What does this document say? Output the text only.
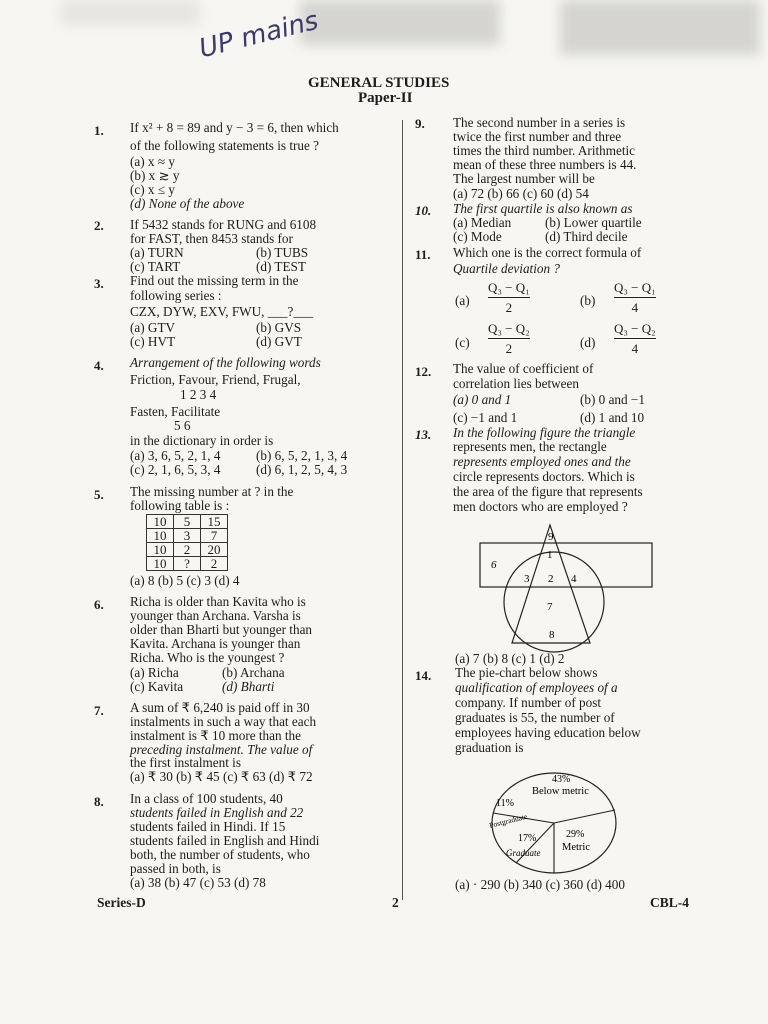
UP mains
GENERAL STUDIES
Paper-II
1. If x² + 8 = 89 and y − 3 = 6, then which
of the following statements is true ?
(a) x ≈ y
(b) x ≳ y
(c) x ≤ y
(d) None of the above
2. If 5432 stands for RUNG and 6108
for FAST, then 8453 stands for
(a) TURN	(b) TUBS
(c) TART	(d) TEST
3. Find out the missing term in the
following series :
CZX, DYW, EXV, FWU, ___?___
(a) GTV	(b) GVS
(c) HVT	(d) GVT
4. Arrangement of the following words
Friction, Favour, Friend, Frugal,
1 2 3 4
Fasten, Facilitate
5 6
in the dictionary in order is
(a) 3, 6, 5, 2, 1, 4	(b) 6, 5, 2, 1, 3, 4
(c) 2, 1, 6, 5, 3, 4	(d) 6, 1, 2, 5, 4, 3
5. The missing number at ? in the
following table is :
10	5	15
10	3	7
10	2	20
10	?	2
(a) 8 (b) 5 (c) 3 (d) 4
6. Richa is older than Kavita who is
younger than Archana. Varsha is
older than Bharti but younger than
Kavita. Archana is younger than
Richa. Who is the youngest ?
(a) Richa	(b) Archana
(c) Kavita	(d) Bharti
7. A sum of ₹ 6,240 is paid off in 30
instalments in such a way that each
instalment is ₹ 10 more than the
preceding instalment. The value of
the first instalment is
(a) ₹ 30 (b) ₹ 45 (c) ₹ 63 (d) ₹ 72
8. In a class of 100 students, 40
students failed in English and 22
students failed in Hindi. If 15
students failed in English and Hindi
both, the number of students, who
passed in both, is
(a) 38 (b) 47 (c) 53 (d) 78
9. The second number in a series is
twice the first number and three
times the third number. Arithmetic
mean of these three numbers is 44.
The largest number will be
(a) 72 (b) 66 (c) 60 (d) 54
10. The first quartile is also known as
(a) Median	(b) Lower quartile
(c) Mode	(d) Third decile
11. Which one is the correct formula of
Quartile deviation ?
(a)
Q₃ − Q₁
2	(b)
Q₃ − Q₁
4
(c)
Q₃ − Q₂
2	(d)
Q₃ − Q₂
4
12. The value of coefficient of
correlation lies between
(a) 0 and 1	(b) 0 and −1
(c) −1 and 1	(d) 1 and 10
13. In the following figure the triangle
represents men, the rectangle
represents employed ones and the
circle represents doctors. Which is
the area of the figure that represents
men doctors who are employed ?
9
1
6
3 2 4
7
8
(a) 7 (b) 8 (c) 1 (d) 2
14. The pie-chart below shows
qualification of employees of a
company. If number of post
graduates is 55, the number of
employees having education below
graduation is
43%
Below metric
11%
Postgraduate
17%
Graduate
29%
Metric
(a) · 290 (b) 340 (c) 360 (d) 400
Series-D	2	CBL-4
